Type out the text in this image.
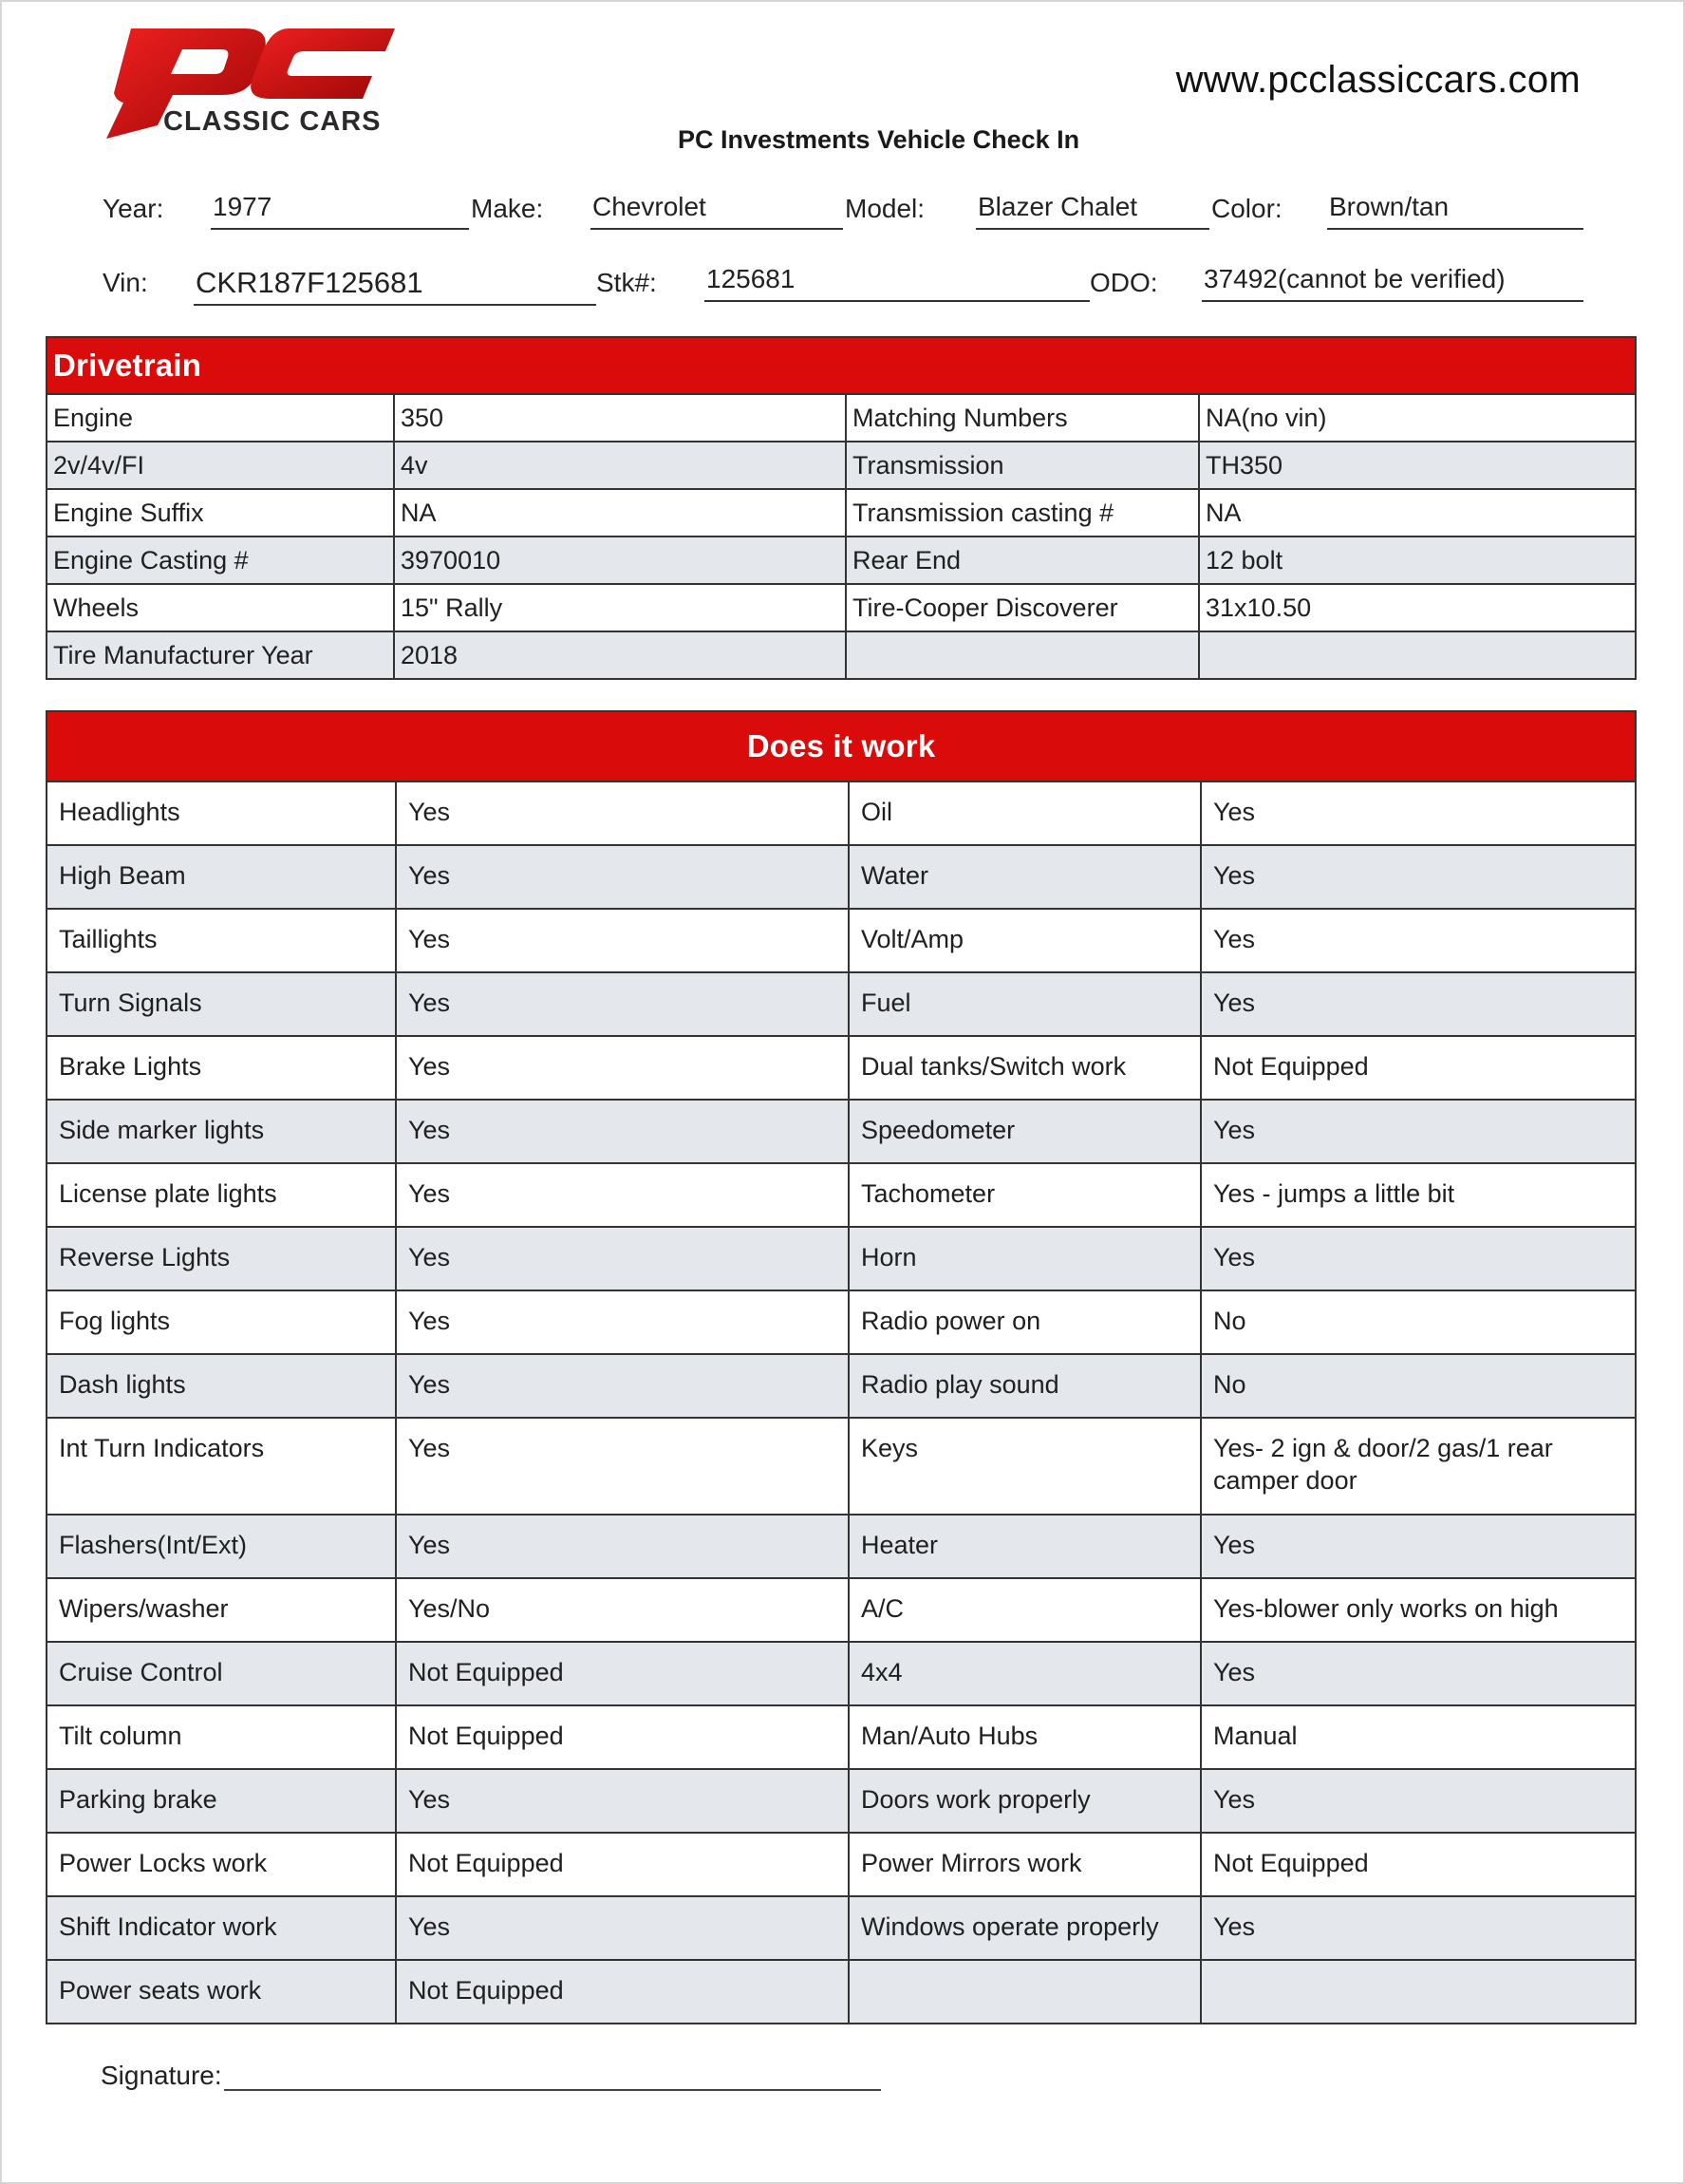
CLASSIC CARS
www.pcclassiccars.com
PC Investments Vehicle Check In
Year: 1977	Make: Chevrolet	Model: Blazer Chalet	Color: Brown/tan
Vin: CKR187F125681	Stk#: 125681	ODO: 37492(cannot be verified)
Drivetrain
Engine	350	Matching Numbers	NA(no vin)
2v/4v/FI	4v	Transmission	TH350
Engine Suffix	NA	Transmission casting #	NA
Engine Casting #	3970010	Rear End	12 bolt
Wheels	15" Rally	Tire-Cooper Discoverer	31x10.50
Tire Manufacturer Year	2018
Does it work
Headlights	Yes	Oil	Yes
High Beam	Yes	Water	Yes
Taillights	Yes	Volt/Amp	Yes
Turn Signals	Yes	Fuel	Yes
Brake Lights	Yes	Dual tanks/Switch work	Not Equipped
Side marker lights	Yes	Speedometer	Yes
License plate lights	Yes	Tachometer	Yes - jumps a little bit
Reverse Lights	Yes	Horn	Yes
Fog lights	Yes	Radio power on	No
Dash lights	Yes	Radio play sound	No
Int Turn Indicators	Yes	Keys	Yes- 2 ign & door/2 gas/1 rear camper door
Flashers(Int/Ext)	Yes	Heater	Yes
Wipers/washer	Yes/No	A/C	Yes-blower only works on high
Cruise Control	Not Equipped	4x4	Yes
Tilt column	Not Equipped	Man/Auto Hubs	Manual
Parking brake	Yes	Doors work properly	Yes
Power Locks work	Not Equipped	Power Mirrors work	Not Equipped
Shift Indicator work	Yes	Windows operate properly	Yes
Power seats work	Not Equipped
Signature:
